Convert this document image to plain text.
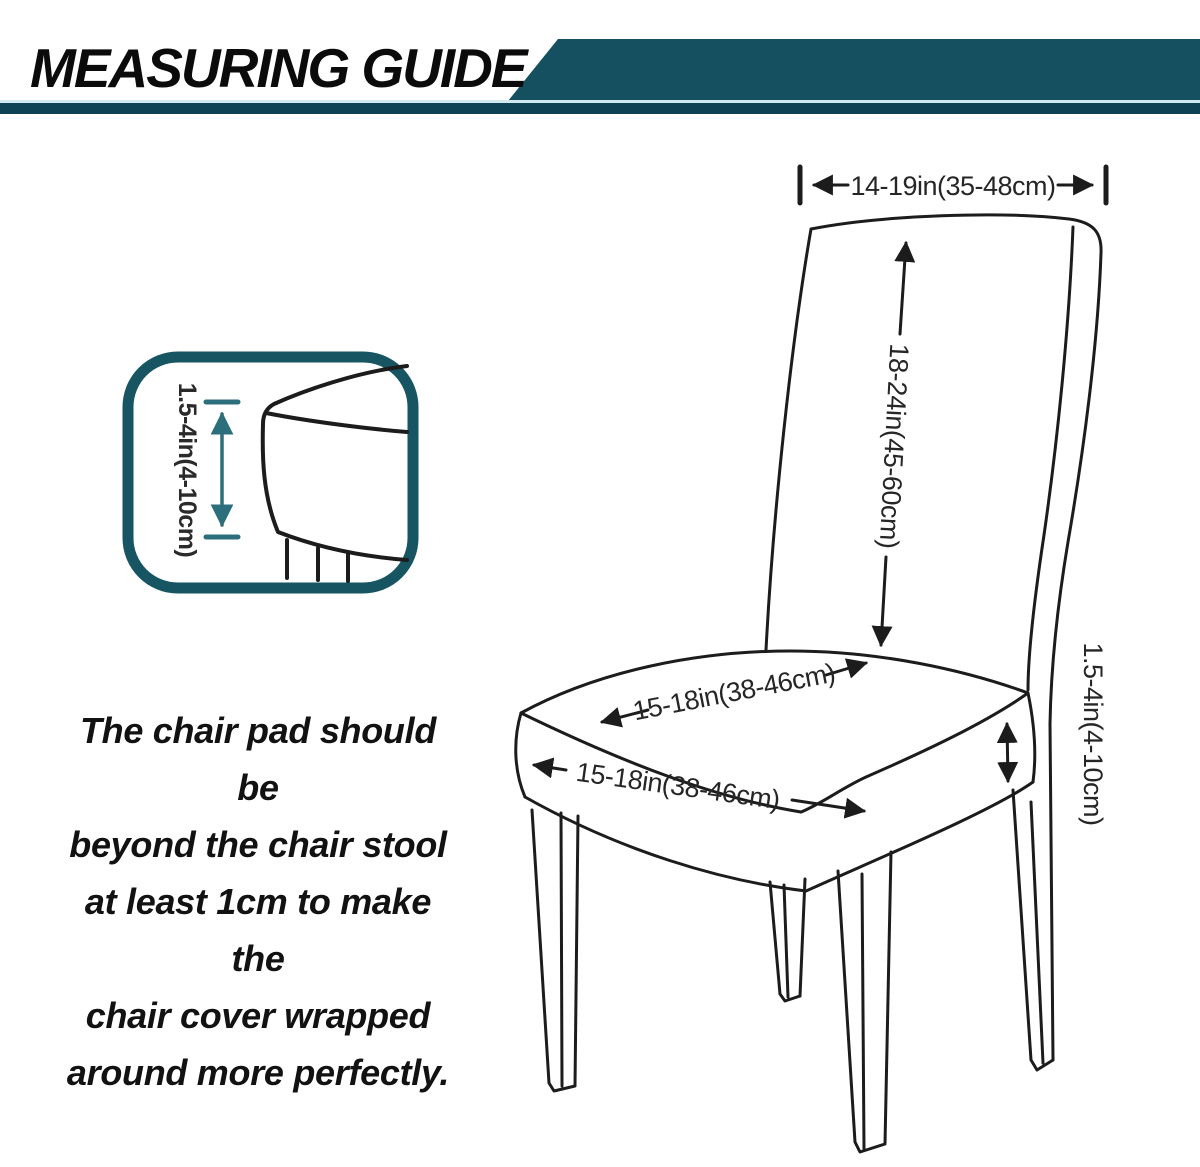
MEASURING GUIDE
The chair pad should be
beyond the chair stool
at least 1cm to make the
chair cover wrapped
around more perfectly.
14-19in(35-48cm)
18-24in(45-60cm)
15-18in(38-46cm)
15-18in(38-46cm)	1.5-4in(4-10cm)
1.5-4in(4-10cm)
